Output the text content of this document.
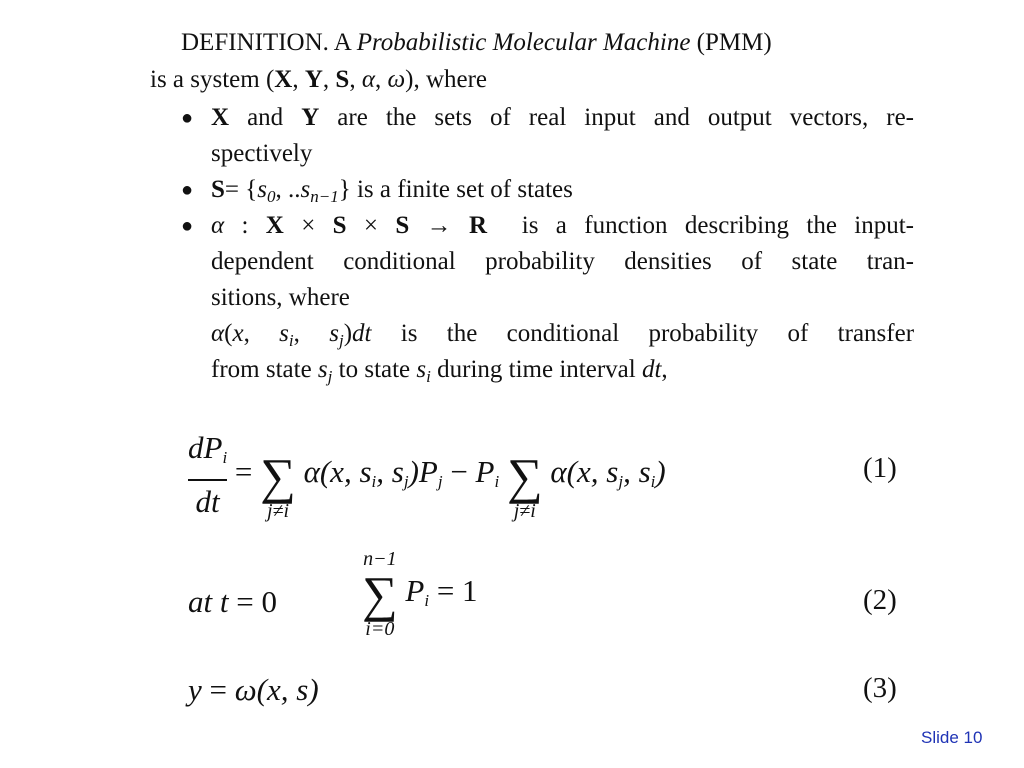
DEFINITION. A Probabilistic Molecular Machine (PMM)
is a system (X, Y, S, α, ω), where
● X and Y are the sets of real input and output vectors, re-
spectively
● $S= \{s_0$, $..s_{n-1}$} is a finite set of states
● α : X × S × S → R  is a function describing the input-
dependent conditional probability densities of state tran-
sitions, where
α(x, $s_i$, $s_j)dt$ is the conditional probability of transfer
from state $s_j$ to state $s_i$ during time interval dt,
$\frac{dP_i}{dt}$ = ∑
j≠i
α(x, $s_i$, $s_j)P_j - P_i$ ∑
j≠i
α(x, $s_j$, $s_i$)	(1)
at t = 0
n−1
∑
i=0
$P_i = 1$	(2)
y = ω(x, s)	(3)
Slide 10
